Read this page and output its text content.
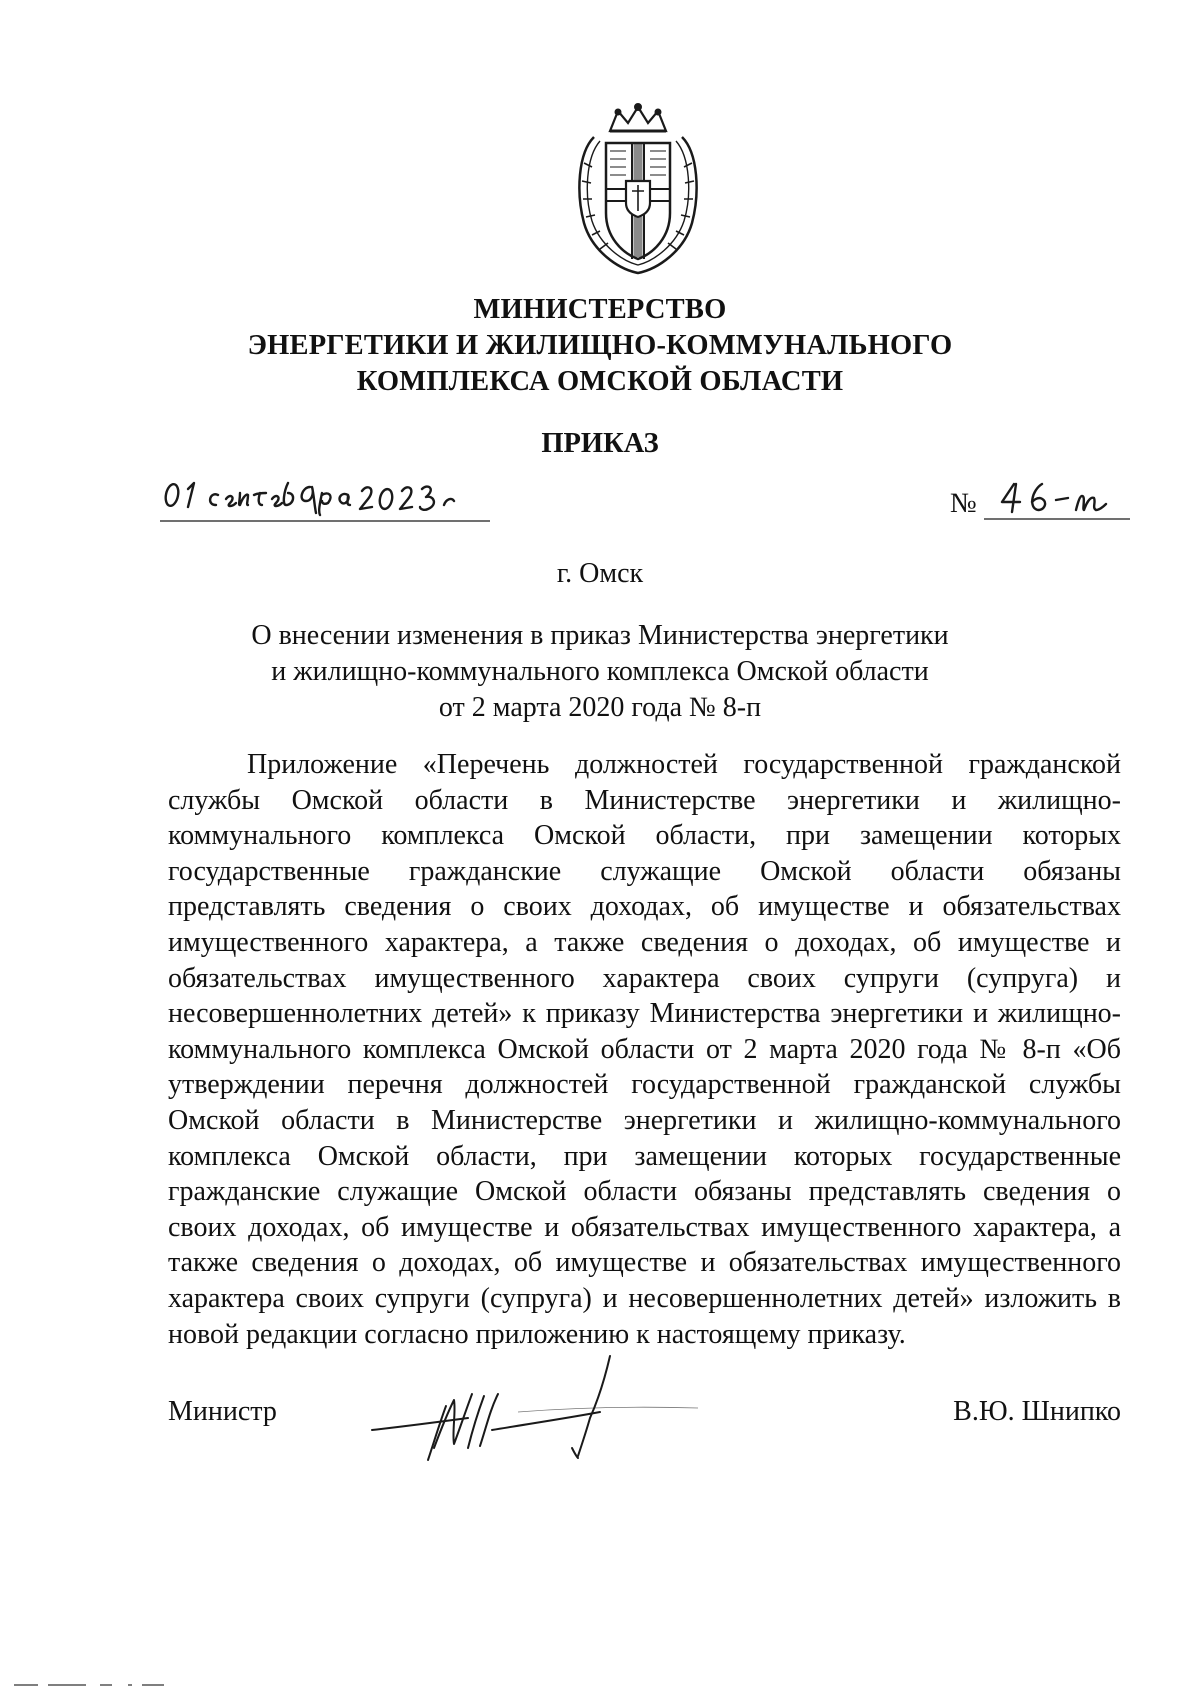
МИНИСТЕРСТВО
ЭНЕРГЕТИКИ И ЖИЛИЩНО-КОММУНАЛЬНОГО
КОМПЛЕКСА ОМСКОЙ ОБЛАСТИ
ПРИКАЗ
№
г. Омск
О внесении изменения в приказ Министерства энергетики
и жилищно-коммунального комплекса Омской области
от 2 марта 2020 года № 8-п
Приложение «Перечень должностей государственной гражданской службы Омской области в Министерстве энергетики и жилищно-коммунального комплекса Омской области, при замещении которых государственные гражданские служащие Омской области обязаны представлять сведения о своих доходах, об имуществе и обязательствах имущественного характера, а также сведения о доходах, об имуществе и обязательствах имущественного характера своих супруги (супруга) и несовершеннолетних детей» к приказу Министерства энергетики и жилищно-коммунального комплекса Омской области от 2 марта 2020 года № 8-п «Об утверждении перечня должностей государственной гражданской службы Омской области в Министерстве энергетики и жилищно-коммунального комплекса Омской области, при замещении которых государственные гражданские служащие Омской области обязаны представлять сведения о своих доходах, об имуществе и обязательствах имущественного характера, а также сведения о доходах, об имуществе и обязательствах имущественного характера своих супруги (супруга) и несовершеннолетних детей» изложить в новой редакции согласно приложению к настоящему приказу.
Министр	В.Ю. Шнипко
